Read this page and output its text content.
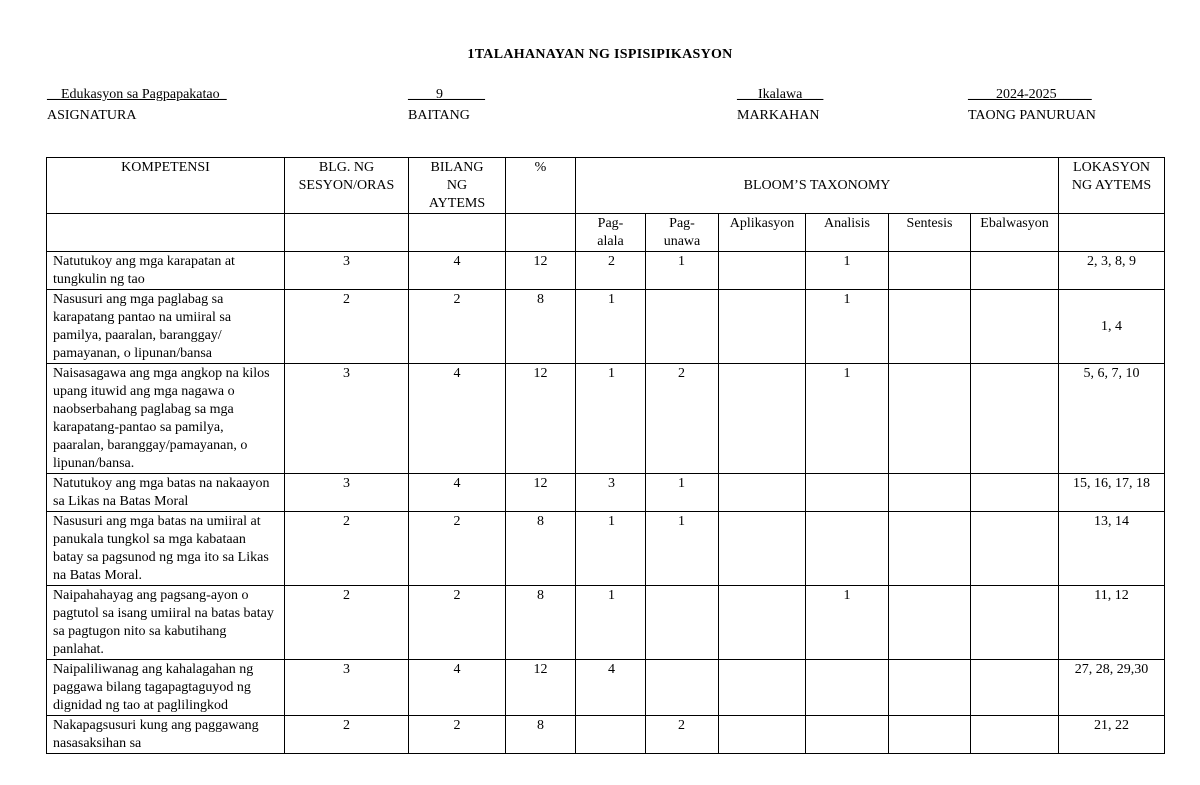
1TALAHANAYAN NG ISPISIPIKASYON
__Edukasyon sa Pagpapakatao_
ASIGNATURA
____9______
BAITANG
___Ikalawa___
MARKAHAN
____2024-2025_____
TAONG PANURUAN
KOMPETENSI	BLG. NG SESYON/ORAS	BILANG NG AYTEMS	%	BLOOM’S TAXONOMY						LOKASYON NG AYTEMS
				Pag-alala	Pag-unawa	Aplikasyon	Analisis	Sentesis	Ebalwasyon	
Natutukoy ang mga karapatan at tungkulin ng tao	3	4	12	2	1		1			2, 3, 8, 9
Nasusuri ang mga paglabag sa karapatang pantao na umiiral sa pamilya, paaralan, baranggay/ pamayanan, o lipunan/bansa	2	2	8	1			1			1, 4
Naisasagawa ang mga angkop na kilos upang ituwid ang mga nagawa o naobserbahang paglabag sa mga karapatang-pantao sa pamilya, paaralan, baranggay/pamayanan, o lipunan/bansa.	3	4	12	1	2		1			5, 6, 7, 10
Natutukoy ang mga batas na nakaayon sa Likas na Batas Moral	3	4	12	3	1					15, 16, 17, 18
Nasusuri ang mga batas na umiiral at panukala tungkol sa mga kabataan batay sa pagsunod ng mga ito sa Likas na Batas Moral.	2	2	8	1	1					13, 14
Naipahahayag ang pagsang-ayon o pagtutol sa isang umiiral na batas batay sa pagtugon nito sa kabutihang panlahat.	2	2	8	1			1			11, 12
Naipaliliwanag ang kahalagahan ng paggawa bilang tagapagtaguyod ng dignidad ng tao at paglilingkod	3	4	12	4						27, 28, 29,30
Nakapagsusuri kung ang paggawang nasasaksihan sa	2	2	8		2					21, 22
